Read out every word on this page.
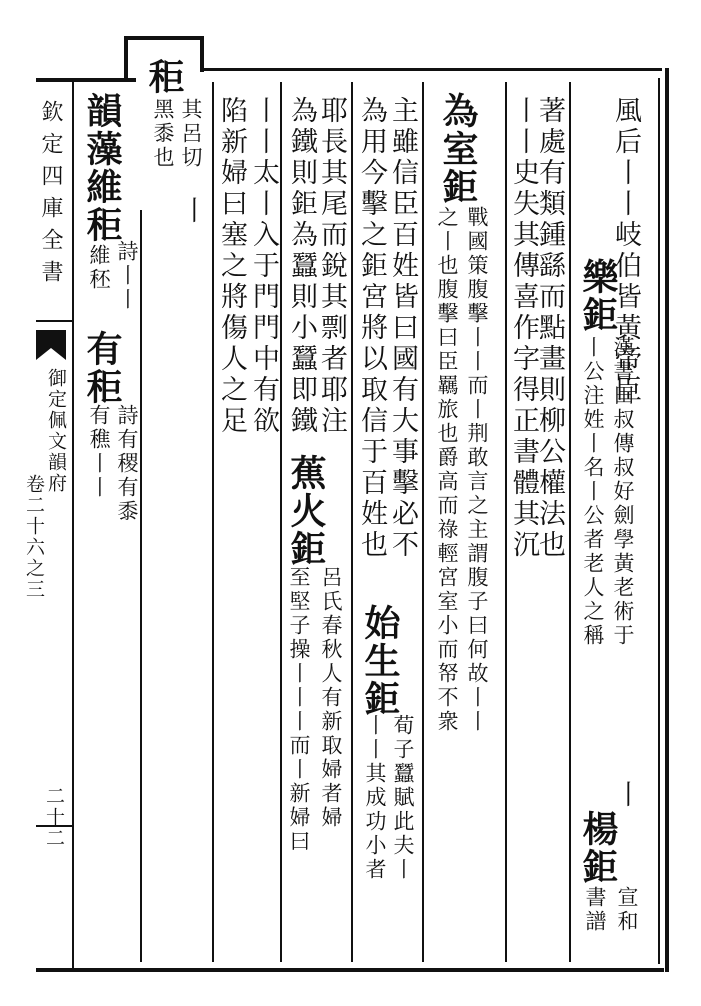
欽定四庫全書
御定佩文韻府
卷二十六之三
二十二
秬
其呂切
黑黍也
丨	風后丨丨岐伯皆黃帝臣
樂鉅
丨公注姓丨名丨公者老人之稱 漢書田叔傳叔好劍學黃老術于
丨
楊鉅
書譜 宣和
著處有類鍾繇而點畫則柳公權法也
為室鉅
之丨也腹擊曰臣羈旅也爵高而祿輕宮室小而帑不衆 戰國策腹擊丨丨而丨荆敢言之主謂腹子曰何故丨丨 丨丨史失其傳喜作字得正書體其沉
主雖信臣百姓皆曰國有大事擊必不
為用今擊之鉅宮將以取信于百姓也
始生鉅
丨丨其成功小者 荀子蠶賦此夫丨
耶長其尾而銳其剽者耶注
蕉火鉅
至堅子操丨丨丨而丨新婦曰 呂氏春秋人有新取婦者婦
為鐵則鉅為蠶則小蠶即鐵
丨丨太丨入于門門中有欲
陷新婦曰塞之將傷人之足
韻藻維秬
維秠 詩丨丨
有秬
有穛丨丨 詩有稷有黍
